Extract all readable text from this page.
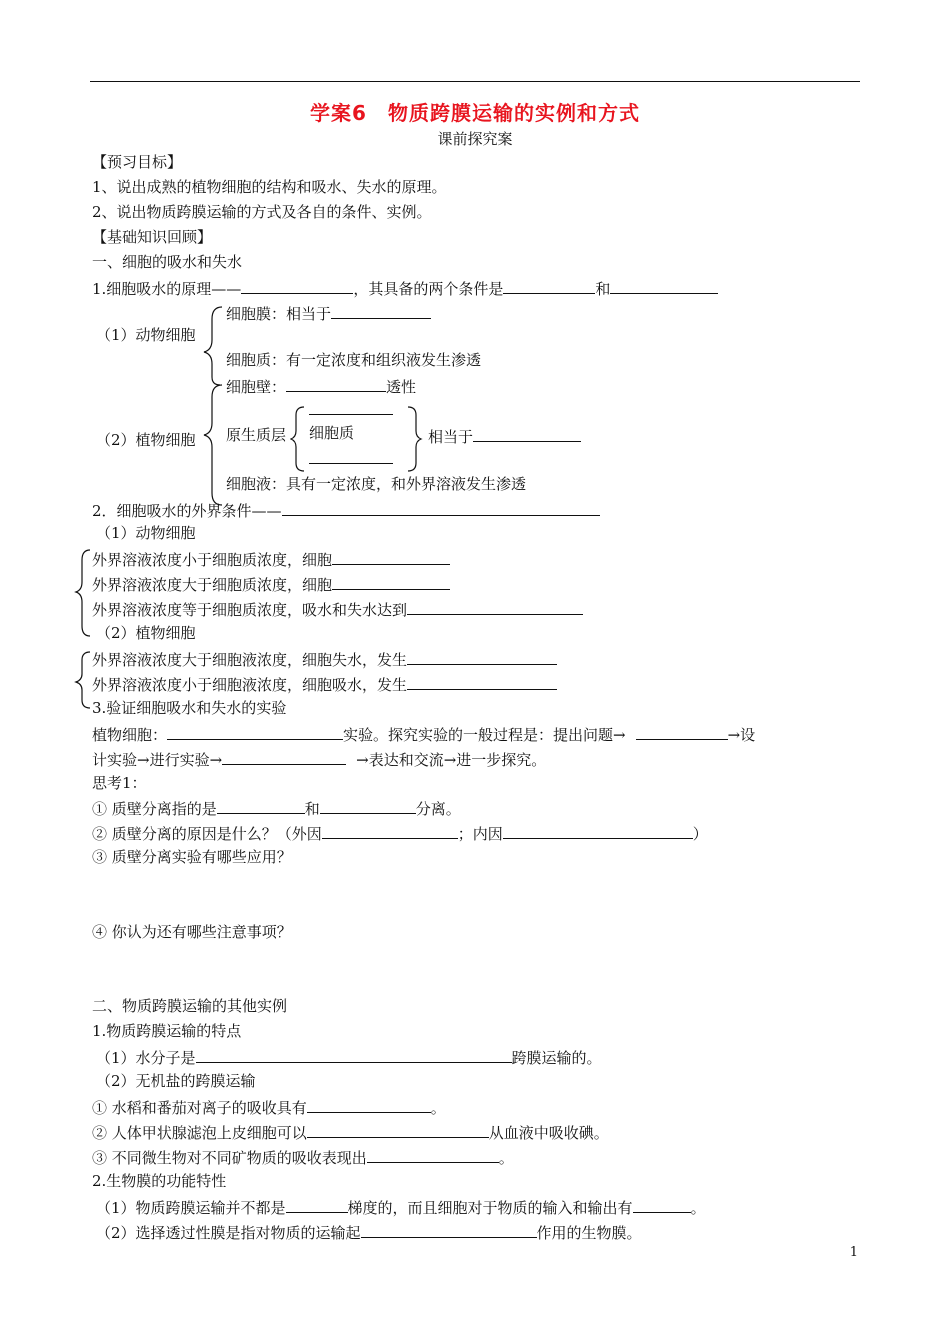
学案6　物质跨膜运输的实例和方式
课前探究案
【预习目标】
1、说出成熟的植物细胞的结构和吸水、失水的原理。
2、说出物质跨膜运输的方式及各自的条件、实例。
【基础知识回顾】
一、细胞的吸水和失水
1.细胞吸水的原理——	，其具备的两个条件是	和
细胞膜：相当于
（1）动物细胞
细胞质：有一定浓度和组织液发生渗透
细胞壁：	透性
（2）植物细胞 原生质层 细胞质	相当于
细胞液：具有一定浓度，和外界溶液发生渗透
2．细胞吸水的外界条件——
（1）动物细胞
外界溶液浓度小于细胞质浓度，细胞
外界溶液浓度大于细胞质浓度，细胞
外界溶液浓度等于细胞质浓度，吸水和失水达到
（2）植物细胞
外界溶液浓度大于细胞液浓度，细胞失水，发生
外界溶液浓度小于细胞液浓度，细胞吸水，发生
3.验证细胞吸水和失水的实验
植物细胞：	实验。探究实验的一般过程是：提出问题→	→设
计实验→进行实验→	→表达和交流→进一步探究。
思考1：
① 质壁分离指的是	和	分离。
② 质壁分离的原因是什么？（外因	；内因	）
③ 质壁分离实验有哪些应用？
④ 你认为还有哪些注意事项？
二、物质跨膜运输的其他实例
1.物质跨膜运输的特点
（1）水分子是	跨膜运输的。
（2）无机盐的跨膜运输
① 水稻和番茄对离子的吸收具有	。
② 人体甲状腺滤泡上皮细胞可以	从血液中吸收碘。
③ 不同微生物对不同矿物质的吸收表现出	。
2.生物膜的功能特性
（1）物质跨膜运输并不都是	梯度的，而且细胞对于物质的输入和输出有	。
（2）选择透过性膜是指对物质的运输起	作用的生物膜。
1
